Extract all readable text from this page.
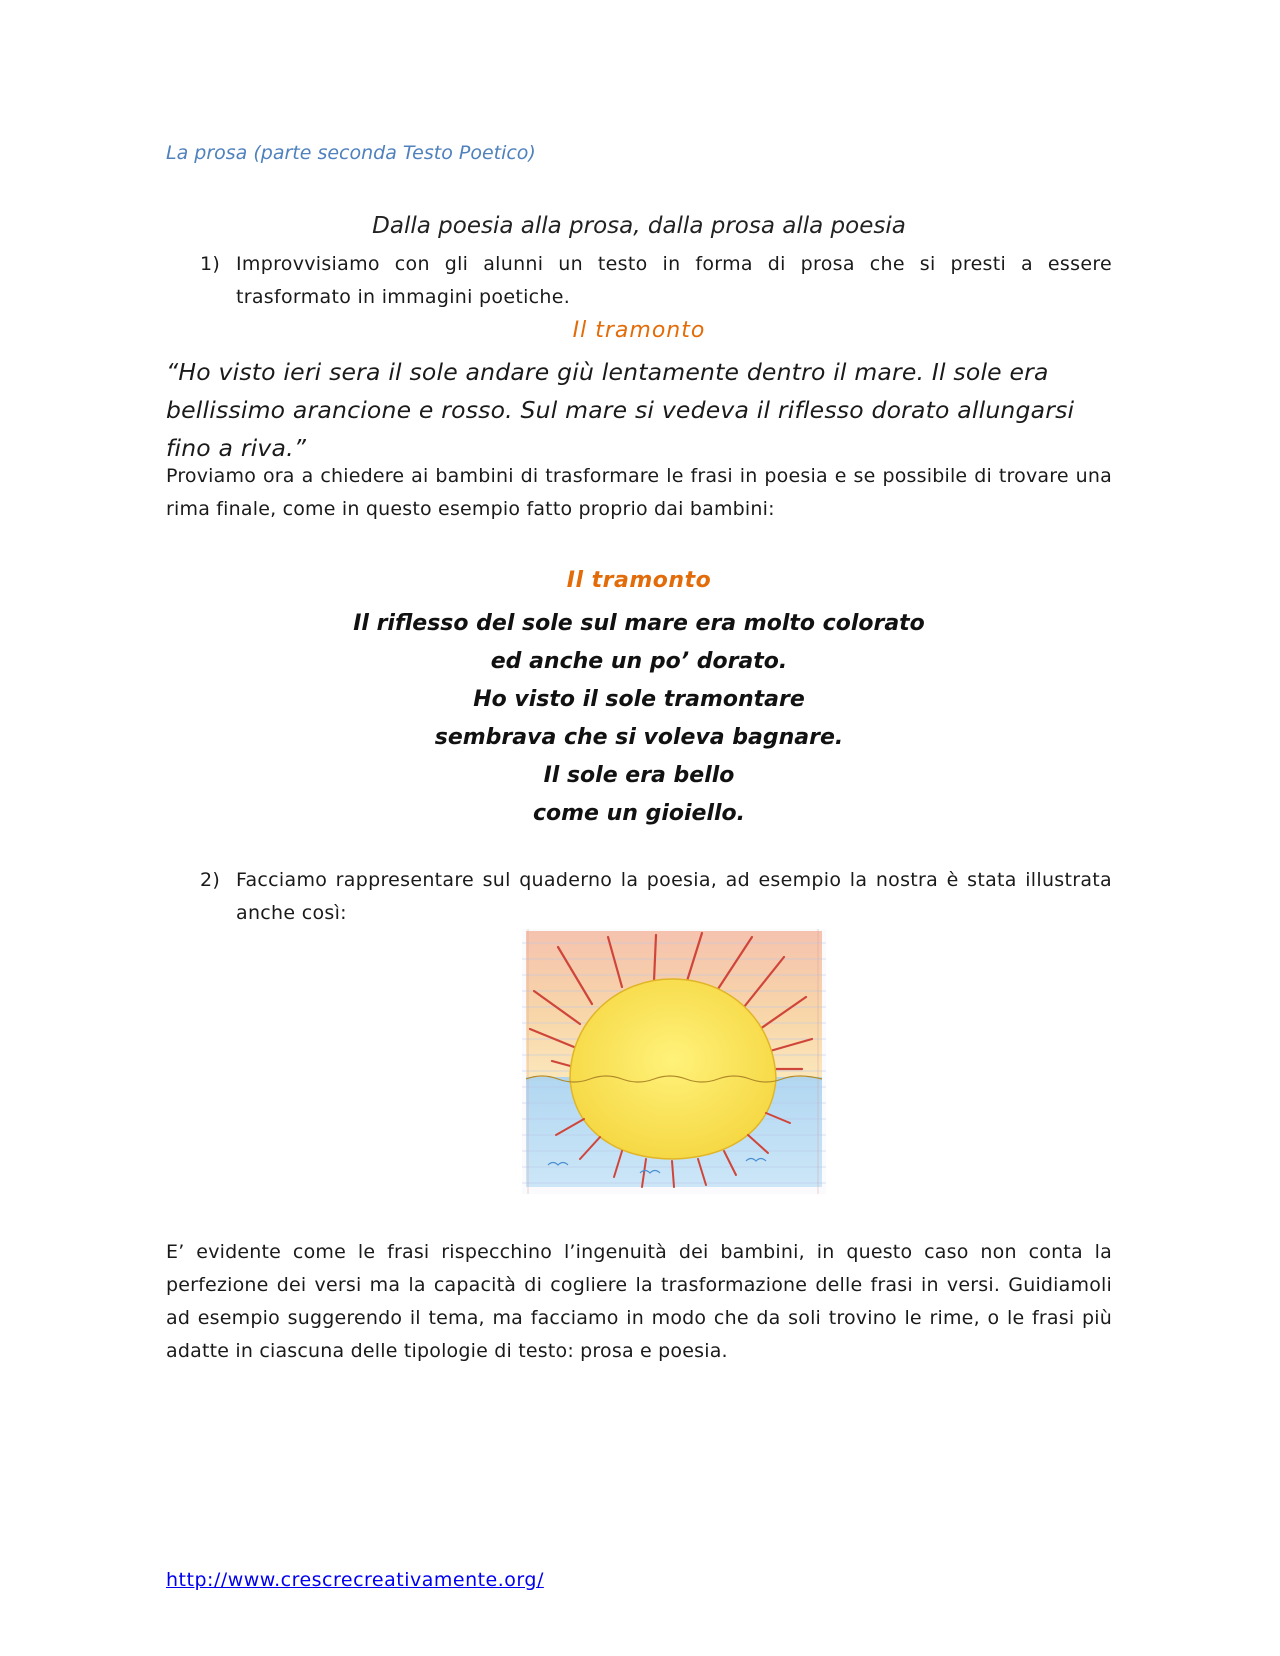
La prosa (parte seconda Testo Poetico)
Dalla poesia alla prosa, dalla prosa alla poesia
1) Improvvisiamo con gli alunni un testo in forma di prosa che si presti a essere trasformato in immagini poetiche.
Il tramonto
“Ho visto ieri sera il sole andare giù lentamente dentro il mare. Il sole era bellissimo arancione e rosso. Sul mare si vedeva il riflesso dorato allungarsi fino a riva.”
Proviamo ora a chiedere ai bambini di trasformare le frasi in poesia e se possibile di trovare una rima finale, come in questo esempio fatto proprio dai bambini:
Il tramonto
Il riflesso del sole sul mare era molto colorato
ed anche un po’ dorato.
Ho visto il sole tramontare
sembrava che si voleva bagnare.
Il sole era bello
come un gioiello.
2) Facciamo rappresentare sul quaderno la poesia, ad esempio la nostra è stata illustrata anche così:
E’ evidente come le frasi rispecchino l’ingenuità dei bambini, in questo caso non conta la perfezione dei versi ma la capacità di cogliere la trasformazione delle frasi in versi. Guidiamoli ad esempio suggerendo il tema, ma facciamo in modo che da soli trovino le rime, o le frasi più adatte in ciascuna delle tipologie di testo: prosa e poesia.
http://www.crescrecreativamente.org/
